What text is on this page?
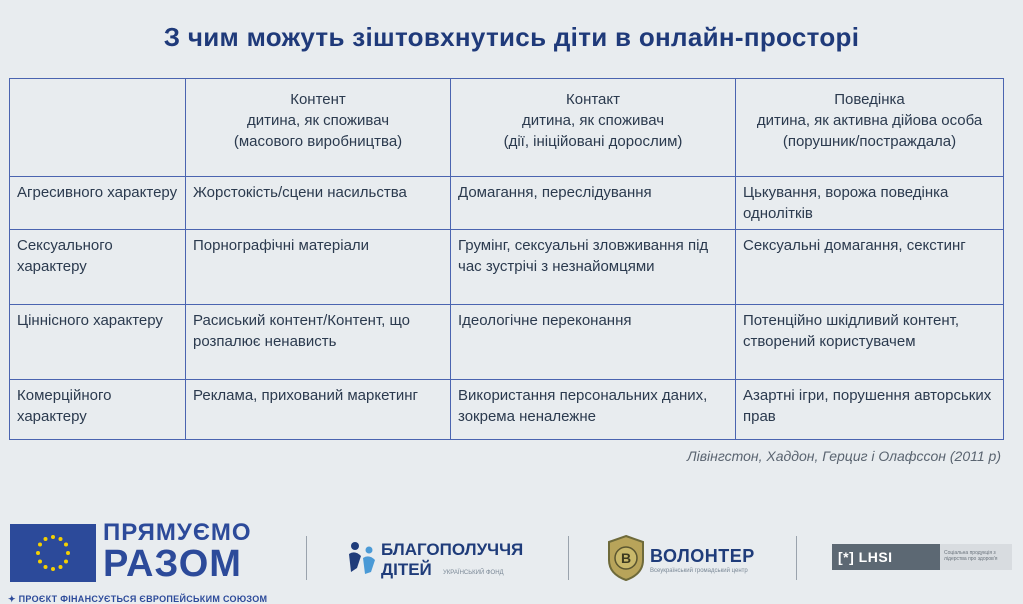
З чим можуть зіштовхнутись діти в онлайн-просторі

	Контент
дитина, як споживач
(масового виробництва)	Контакт
дитина, як споживач
(дії, ініційовані дорослим)	Поведінка
дитина, як активна дійова особа
(порушник/постраждала)

Агресивного характеру	Жорстокість/сцени насильства	Домагання, переслідування	Цькування, ворожа поведінка однолітків
Сексуального характеру	Порнографічні матеріали	Грумінг, сексуальні зловживання під час зустрічі з незнайомцями	Сексуальні домагання, секстинг
Ціннісного характеру	Расиський контент/Контент, що розпалює ненависть	Ідеологічне переконання	Потенційно шкідливий контент, створений користувачем
Комерційного характеру	Реклама, прихований маркетинг	Використання персональних даних, зокрема неналежне	Азартні ігри, порушення авторських прав
Лівінгстон, Хаддон, Герциг і Олафссон (2011 р)
ПРЯМУЄМО
РАЗОМ
✦ ПРОЄКТ ФІНАНСУЄТЬСЯ ЄВРОПЕЙСЬКИМ СОЮЗОМ
БЛАГОПОЛУЧЧЯ
ДІТЕЙ	УКРАЇНСЬКИЙ ФОНД
B ВОЛОНТЕР
Всеукраїнський громадський центр
[*] LHSI	Соціальна продукція з лідерства про здоров'я
